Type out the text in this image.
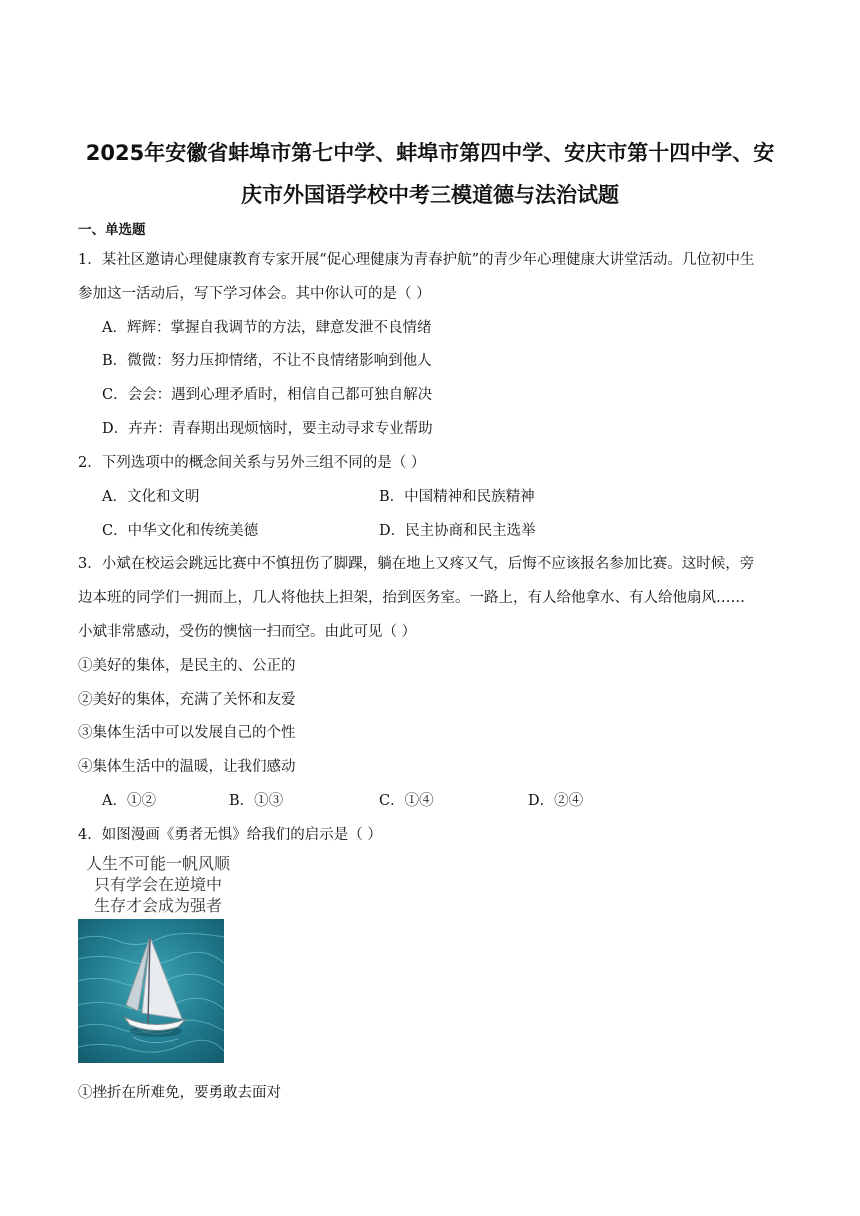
2025年安徽省蚌埠市第七中学、蚌埠市第四中学、安庆市第十四中学、安
庆市外国语学校中考三模道德与法治试题
一、单选题
1．某社区邀请心理健康教育专家开展“促心理健康为青春护航”的青少年心理健康大讲堂活动。几位初中生
参加这一活动后，写下学习体会。其中你认可的是（ ）
A．辉辉：掌握自我调节的方法，肆意发泄不良情绪
B．微微：努力压抑情绪，不让不良情绪影响到他人
C．会会：遇到心理矛盾时，相信自己都可独自解决
D．卉卉：青春期出现烦恼时，要主动寻求专业帮助
2．下列选项中的概念间关系与另外三组不同的是（ ）
A．文化和文明	B．中国精神和民族精神
C．中华文化和传统美德	D．民主协商和民主选举
3．小斌在校运会跳远比赛中不慎扭伤了脚踝，躺在地上又疼又气，后悔不应该报名参加比赛。这时候，旁
边本班的同学们一拥而上，几人将他扶上担架，抬到医务室。一路上，有人给他拿水、有人给他扇风……
小斌非常感动，受伤的懊恼一扫而空。由此可见（ ）
①美好的集体，是民主的、公正的
②美好的集体，充满了关怀和友爱
③集体生活中可以发展自己的个性
④集体生活中的温暖，让我们感动
A．①②	B．①③	C．①④	D．②④
4．如图漫画《勇者无惧》给我们的启示是（ ）
人生不可能一帆风顺
只有学会在逆境中
生存才会成为强者
①挫折在所难免，要勇敢去面对
